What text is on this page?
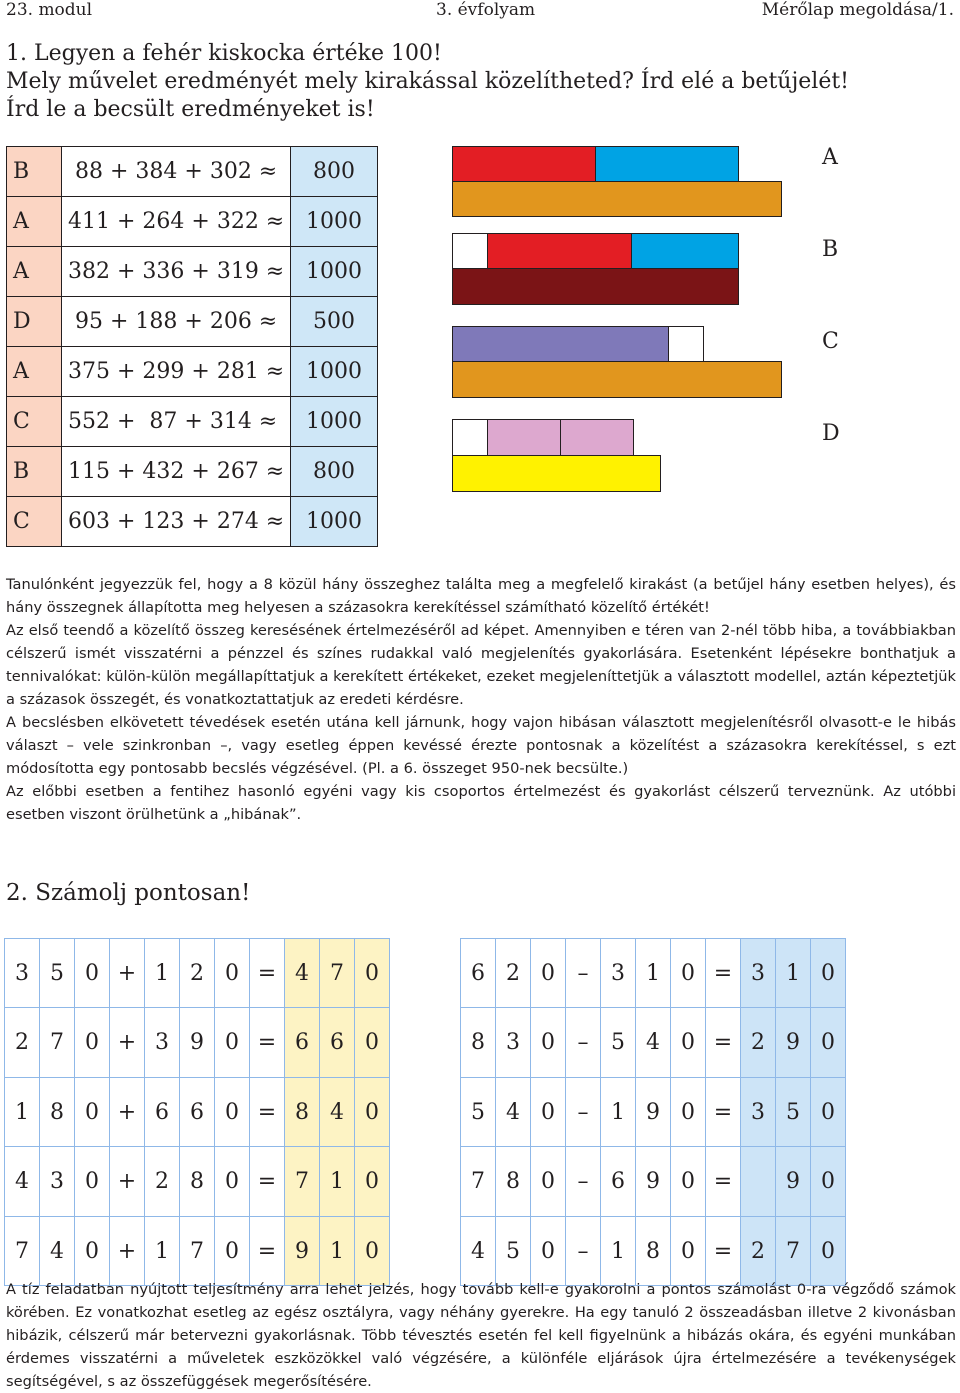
23. modul	3. évfolyam	Mérőlap megoldása/1.
1. Legyen a fehér kiskocka értéke 100!
Mely művelet eredményét mely kirakással közelítheted? Írd elé a betűjelét!
Írd le a becsült eredményeket is!
B	88 + 384 + 302 ≈	800
A	411 + 264 + 322 ≈	1000
A	382 + 336 + 319 ≈	1000
D	95 + 188 + 206 ≈	500
A	375 + 299 + 281 ≈	1000
C	552 +  87 + 314 ≈	1000
B	115 + 432 + 267 ≈	800
C	603 + 123 + 274 ≈	1000
A
B
C
D

Tanulónként jegyezzük fel, hogy a 8 közül hány összeghez találta meg a megfelelő kirakást (a betűjel hány esetben helyes), és hány összegnek állapította meg helyesen a százasokra kerekítéssel számítható közelítő értékét!

Az első teendő a közelítő összeg keresésének értelmezéséről ad képet. Amennyiben e téren van 2-nél több hiba, a továbbiakban célszerű ismét visszatérni a pénzzel és színes rudakkal való megjelenítés gyakorlására. Esetenként lépésekre bonthatjuk a tennivalókat: külön-külön megállapíttatjuk a kerekített értékeket, ezeket megjeleníttetjük a választott modellel, aztán képeztetjük a százasok összegét, és vonatkoztattatjuk az eredeti kérdésre.

A becslésben elkövetett tévedések esetén utána kell járnunk, hogy vajon hibásan választott megjelenítésről olvasott-e le hibás választ – vele szinkronban –, vagy esetleg éppen kevéssé érezte pontosnak a közelítést a százasokra kerekítéssel, s ezt módosította egy pontosabb becslés végzésével. (Pl. a 6. összeget 950-nek becsülte.)

Az előbbi esetben a fentihez hasonló egyéni vagy kis csoportos értelmezést és gyakorlást célszerű terveznünk. Az utóbbi esetben viszont örülhetünk a „hibának”.

2. Számolj pontosan!
3	5	0	+	1	2	0	=	4	7	0
2	7	0	+	3	9	0	=	6	6	0
1	8	0	+	6	6	0	=	8	4	0
4	3	0	+	2	8	0	=	7	1	0
7	4	0	+	1	7	0	=	9	1	0
6	2	0	–	3	1	0	=	3	1	0
8	3	0	–	5	4	0	=	2	9	0
5	4	0	–	1	9	0	=	3	5	0
7	8	0	–	6	9	0	=		9	0
4	5	0	–	1	8	0	=	2	7	0
A tíz feladatban nyújtott teljesítmény arra lehet jelzés, hogy tovább kell-e gyakorolni a pontos számolást 0-ra végződő számok körében. Ez vonatkozhat esetleg az egész osztályra, vagy néhány gyerekre. Ha egy tanuló 2 összeadásban illetve 2 kivonásban hibázik, célszerű már betervezni gyakorlásnak. Több tévesztés esetén fel kell figyelnünk a hibázás okára, és egyéni munkában érdemes visszatérni a műveletek eszközökkel való végzésére, a különféle eljárások újra értelmezésére a tevékenységek segítségével, s az összefüggések megerősítésére.
